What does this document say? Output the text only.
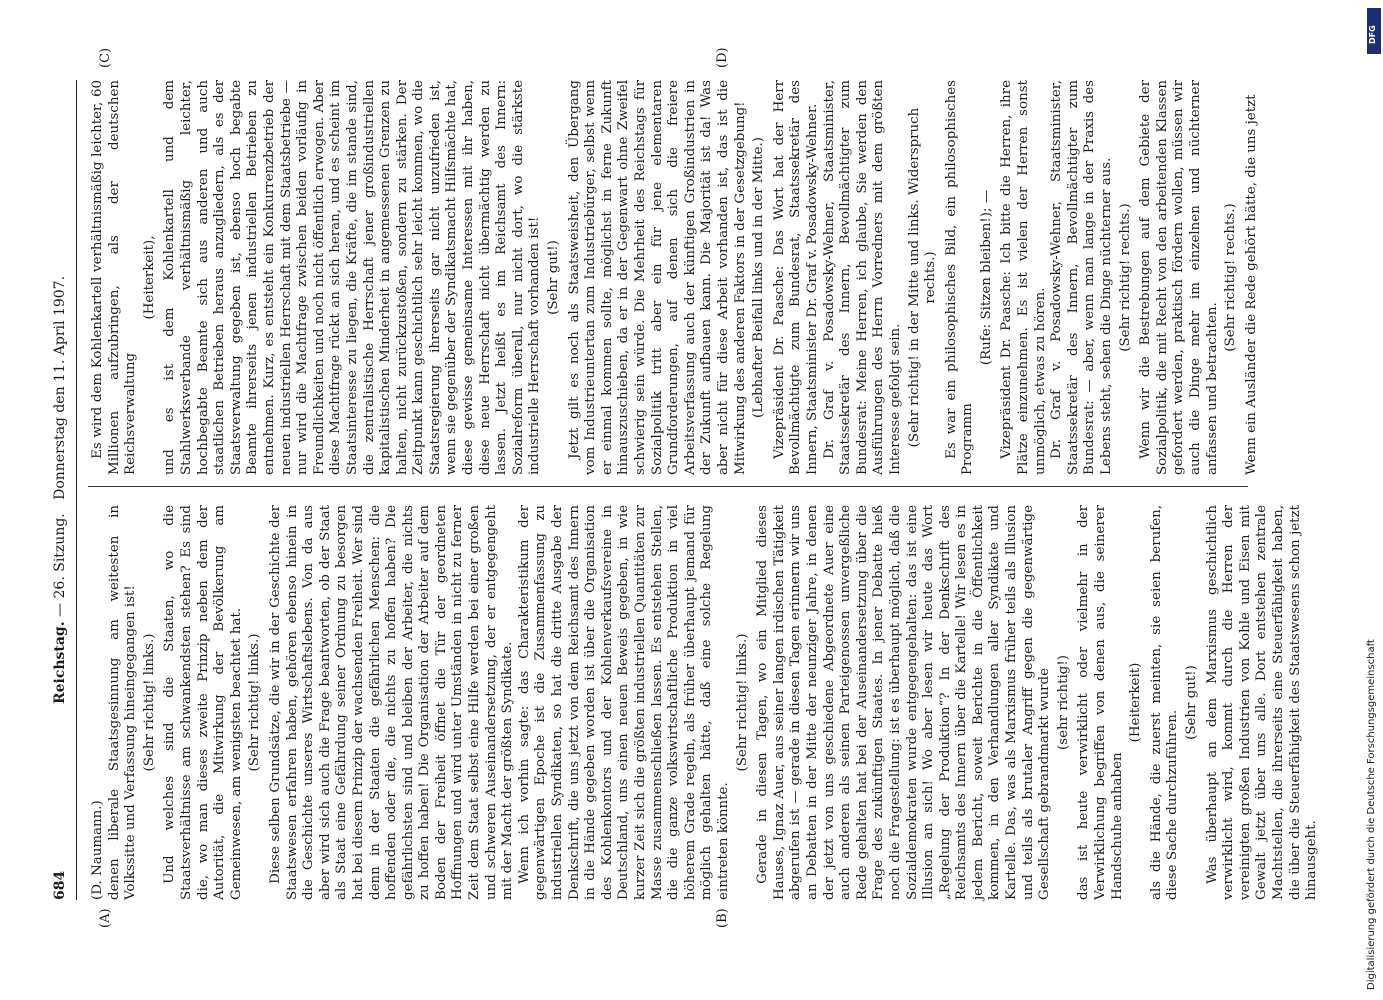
684
Reichstag. — 26. Sitzung.   Donnerstag den 11. April 1907.
(A)	(B)
(C)	(D)

(D. Naumann.) denen liberale Staatsgesinnung am weitesten in Volkssitte und Verfassung hineingegangen ist! (Sehr richtig! links.) Und welches sind die Staaten, wo die Staatsverhältnisse am schwankendsten stehen? Es sind die, wo man dieses zweite Prinzip neben dem der Autorität, die Mitwirkung der Bevölkerung am Gemeinwesen, am wenigsten beachtet hat. (Sehr richtig! links.) Diese selben Grundsätze, die wir in der Geschichte der Staatswesen erfahren haben, gehören ebenso hinein in die Geschichte unseres Wirtschaftslebens. Von da aus aber wird sich auch die Frage beantworten, ob der Staat als Staat eine Gefährdung seiner Ordnung zu besorgen hat bei diesem Prinzip der wachsenden Freiheit. Wer sind denn in der Staaten die gefährlichen Menschen: die hoffenden oder die, die nichts zu hoffen haben? Die gefährlichsten sind und bleiben der Arbeiter, die nichts zu hoffen haben! Die Organisation der Arbeiter auf dem Boden der Freiheit öffnet die Tür der geordneten Hoffnungen und wird unter Umständen in nicht zu ferner Zeit dem Staat selbst eine Hilfe werden bei einer großen und schweren Auseinandersetzung, der er entgegengeht mit der Macht der größten Syndikate. Wenn ich vorhin sagte: das Charakteristikum der gegenwärtigen Epoche ist die Zusammenfassung zu industriellen Syndikaten, so hat die dritte Ausgabe der Denkschrift, die uns jetzt von dem Reichsamt des Innern in die Hände gegeben worden ist über die Organisation des Kohlenkontors und der Kohlenverkaufsvereine in Deutschland, uns einen neuen Beweis gegeben, in wie kurzer Zeit sich die größten industriellen Quantitäten zur Masse zusammenschließen lassen. Es entstehen Stellen, die die ganze volkswirtschaftliche Produktion in viel höherem Grade regeln, als früher überhaupt jemand für möglich gehalten hätte, daß eine solche Regelung eintreten könnte.

(Sehr richtig! links.) Gerade in diesen Tagen, wo ein Mitglied dieses Hauses, Ignaz Auer, aus seiner langen irdischen Tätigkeit abgerufen ist — gerade in diesen Tagen erinnern wir uns an Debatten in der Mitte der neunziger Jahre, in denen der jetzt von uns geschiedene Abgeordnete Auer eine auch anderen als seinen Parteigenossen unvergeßliche Rede gehalten hat bei der Auseinandersetzung über die Frage des zukünftigen Staates. In jener Debatte hieß noch die Fragestellung: ist es überhaupt möglich, daß die Sozialdemokraten wurde entgegengehalten: das ist eine Illusion an sich! Wo aber lesen wir heute das Wort „Regelung der Produktion“? In der Denkschrift des Reichsamts des Innern über die Kartelle! Wir lesen es in jedem Bericht, soweit Berichte in die Öffentlichkeit kommen, in den Verhandlungen aller Syndikate und Kartelle. Das, was als Marxismus früher teils als Illusion und teils als brutaler Angriff gegen die gegenwärtige Gesellschaft gebrandmarkt wurde (sehr richtig!) das ist heute verwirklicht oder vielmehr in der Verwirklichung begriffen von denen aus, die seinerer Handschuhe anhaben

(Heiterkeit) als die Hände, die zuerst meinten, sie seien berufen, diese Sache durchzuführen.

(Sehr gut!) Was überhaupt an dem Marxismus geschichtlich verwirklicht wird, kommt durch die Herren der vereinigten großen Industrien von Kohle und Eisen mit Gewalt jetzt über uns alle. Dort entstehen zentrale Machtstellen, die ihrerseits eine Steuerfähigkeit haben, die über die Steuerfähigkeit des Staatswesens schon jetzt hinausgeht.

Es wird dem Kohlenkartell verhältnismäßig leichter, 60 Millionen aufzubringen, als der deutschen Reichsverwaltung

(Heiterkeit), und es ist dem Kohlenkartell und dem Stahlwerksverbande verhältnismäßig leichter, hochbegabte Beamte sich aus anderen und auch staatlichen Betrieben heraus anzugliedern, als es der Staatsverwaltung gegeben ist, ebenso hoch begabte Beamte ihrerseits jenen industriellen Betrieben zu entnehmen. Kurz, es entsteht ein Konkurrenzbetrieb der neuen industriellen Herrschaft mit dem Staatsbetriebe — nur wird die Machtfrage zwischen beiden vorläufig in Freundlichkeiten und noch nicht öffentlich erwogen. Aber diese Machtfrage rückt an sich heran, und es scheint im Staatsinteresse zu liegen, die Kräfte, die im stande sind, die zentralistische Herrschaft jener großindustriellen kapitalistischen Minderheit in angemessenen Grenzen zu halten, nicht zurückzustoßen, sondern zu stärken. Der Zeitpunkt kann geschichtlich sehr leicht kommen, wo die Staatsregierung ihrerseits gar nicht unzufrieden ist, wenn sie gegenüber der Syndikatsmacht Hilfsmächte hat, diese gewisse gemeinsame Interessen mit ihr haben, diese neue Herrschaft nicht übermächtig werden zu lassen. Jetzt heißt es im Reichsamt des Innern: Sozialreform überall, nur nicht dort, wo die stärkste industrielle Herrschaft vorhanden ist! (Sehr gut!) Jetzt gilt es noch als Staatsweisheit, den Übergang vom Industrieuntertan zum Industriebürger, selbst wenn er einmal kommen sollte, möglichst in ferne Zukunft hinauszuschieben, da er in der Gegenwart ohne Zweifel schwierig sein würde. Die Mehrheit des Reichstags für Sozialpolitik tritt aber ein für jene elementaren Grundforderungen, auf denen sich die freiere Arbeitsverfassung auch der künftigen Großindustrien in der Zukunft aufbauen kann. Die Majorität ist da! Was aber nicht für diese Arbeit vorhanden ist, das ist die Mitwirkung des anderen Faktors in der Gesetzgebung! (Lebhafter Beifall links und in der Mitte.) Vizepräsident Dr. Paasche: Das Wort hat der Herr Bevollmächtigte zum Bundesrat, Staatssekretär des Innern, Staatsminister Dr. Graf v. Posadowsky-Wehner. Dr. Graf v. Posadowsky-Wehner, Staatsminister, Staatssekretär des Innern, Bevollmächtigter zum Bundesrat: Meine Herren, ich glaube, Sie werden den Ausführungen des Herrn Vorredners mit dem größten Interesse gefolgt sein. (Sehr richtig! in der Mitte und links. Widerspruch rechts.) Es war ein philosophisches Bild, ein philosophisches Programm

(Rufe: Sitzen bleiben!); — Vizepräsident Dr. Paasche: Ich bitte die Herren, ihre Plätze einzunehmen. Es ist vielen der Herren sonst unmöglich, etwas zu hören. Dr. Graf v. Posadowsky-Wehner, Staatsminister, Staatssekretär des Innern, Bevollmächtigter zum Bundesrat: — aber, wenn man lange in der Praxis des Lebens steht, sehen die Dinge nüchterner aus. (Sehr richtig! rechts.) Wenn wir die Bestrebungen auf dem Gebiete der Sozialpolitik, die mit Recht von den arbeitenden Klassen gefordert werden, praktisch fördern wollen, müssen wir auch die Dinge mehr im einzelnen und nüchterner anfassen und betrachten.

(Sehr richtig! rechts.) Wenn ein Ausländer die Rede gehört hätte, die uns jetzt

DFG
Digitalisierung gefördert durch die Deutsche Forschungsgemeinschaft
